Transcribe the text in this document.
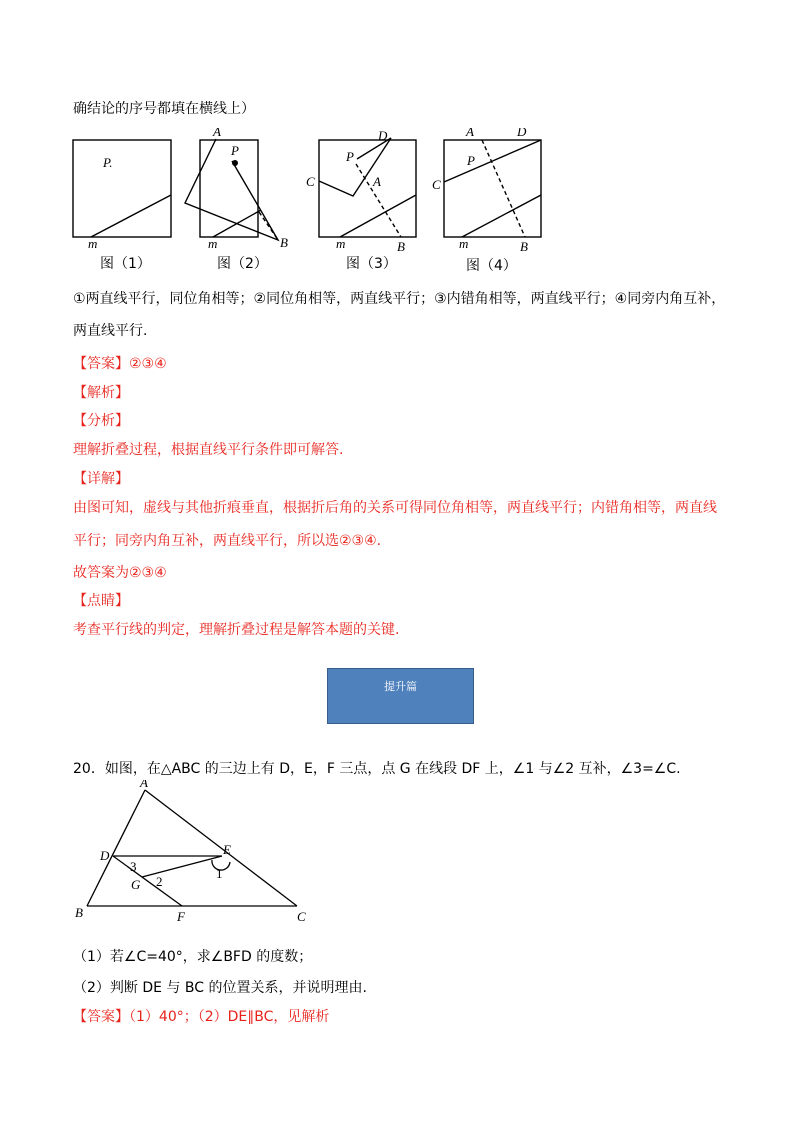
确结论的序号都填在横线上）
P.
m
A
P
m	B
D
P
C	A
m	B
A	D
P
C
m	B
图（1）	图（2）	图（3）	图（4）
①两直线平行，同位角相等；②同位角相等，两直线平行；③内错角相等，两直线平行；④同旁内角互补，
两直线平行.
【答案】②③④
【解析】
【分析】
理解折叠过程，根据直线平行条件即可解答.
【详解】
由图可知，虚线与其他折痕垂直，根据折后角的关系可得同位角相等，两直线平行；内错角相等，两直线
平行；同旁内角互补，两直线平行，所以选②③④.
故答案为②③④
【点睛】
考查平行线的判定，理解折叠过程是解答本题的关键.
提升篇
20．如图，在△ABC 的三边上有 D，E，F 三点，点 G 在线段 DF 上，∠1 与∠2 互补，∠3=∠C.
A
D	E
3	1
G 2
B	F	C
（1）若∠C=40°，求∠BFD 的度数；
（2）判断 DE 与 BC 的位置关系，并说明理由.
【答案】（1）40°；（2）DE∥BC，见解析
